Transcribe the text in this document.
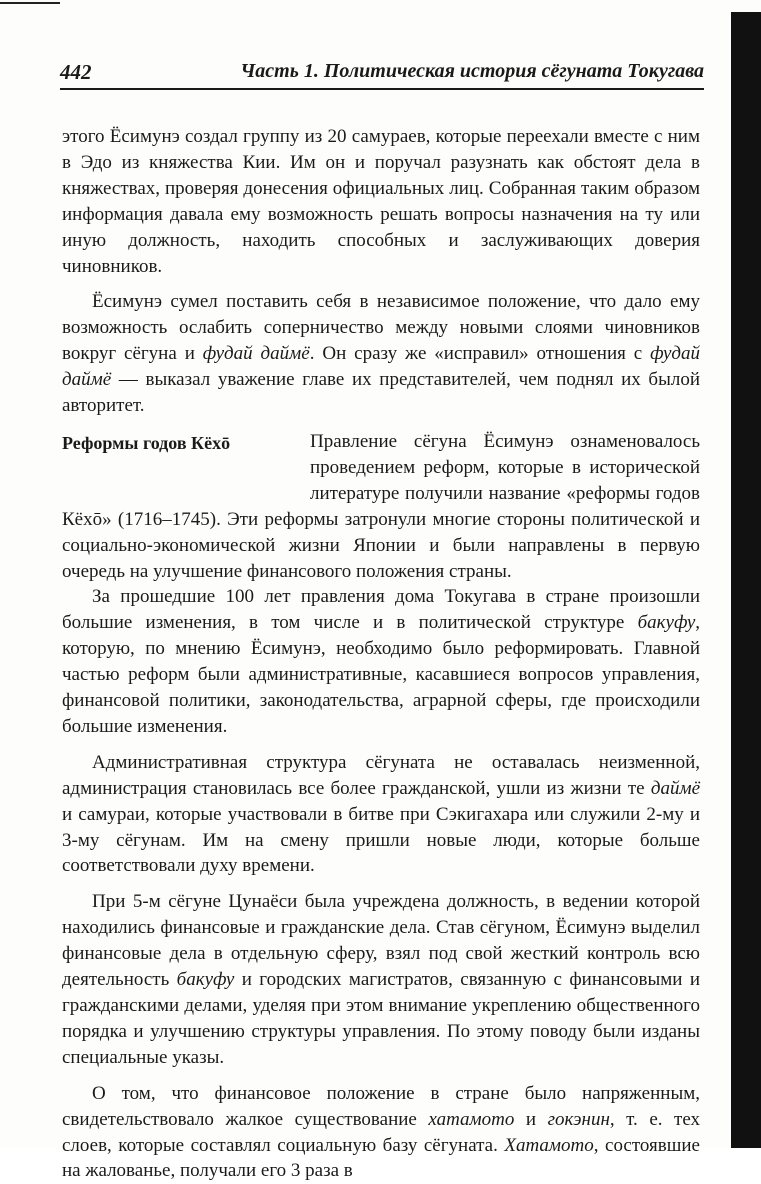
442	Часть 1. Политическая история сёгуната Токугава

этого Ёсимунэ создал группу из 20 самураев, которые переехали вместе с ним в Эдо из княжества Кии. Им он и поручал разузнать как обстоят дела в княжествах, проверяя донесения официальных лиц. Собранная таким образом информация давала ему возможность решать вопросы назначения на ту или иную должность, находить способных и заслуживающих доверия чиновников.

Ёсимунэ сумел поставить себя в независимое положение, что дало ему возможность ослабить соперничество между новыми слоями чиновников вокруг сёгуна и фудай даймё. Он сразу же «исправил» отношения с фудай даймё — выказал уважение главе их представителей, чем поднял их былой авторитет.

Реформы годов Кёхō	Правление сёгуна Ёсимунэ ознаменовалось проведением реформ, которые в исторической литературе получили название «реформы годов Кёхō» (1716–1745). Эти реформы затронули многие стороны политической и социально-экономической жизни Японии и были направлены в первую очередь на улучшение финансового положения страны.

За прошедшие 100 лет правления дома Токугава в стране произошли большие изменения, в том числе и в политической структуре бакуфу, которую, по мнению Ёсимунэ, необходимо было реформировать. Главной частью реформ были административные, касавшиеся вопросов управления, финансовой политики, законодательства, аграрной сферы, где происходили большие изменения.

Административная структура сёгуната не оставалась неизменной, администрация становилась все более гражданской, ушли из жизни те даймё и самураи, которые участвовали в битве при Сэкигахара или служили 2-му и 3-му сёгунам. Им на смену пришли новые люди, которые больше соответствовали духу времени.

При 5-м сёгуне Цунаёси была учреждена должность, в ведении которой находились финансовые и гражданские дела. Став сёгуном, Ёсимунэ выделил финансовые дела в отдельную сферу, взял под свой жесткий контроль всю деятельность бакуфу и городских магистратов, связанную с финансовыми и гражданскими делами, уделяя при этом внимание укреплению общественного порядка и улучшению структуры управления. По этому поводу были изданы специальные указы.

О том, что финансовое положение в стране было напряженным, свидетельствовало жалкое существование хатамото и гокэнин, т. е. тех слоев, которые составлял социальную базу сёгуната. Хатамото, состоявшие на жалованье, получали его 3 раза в
